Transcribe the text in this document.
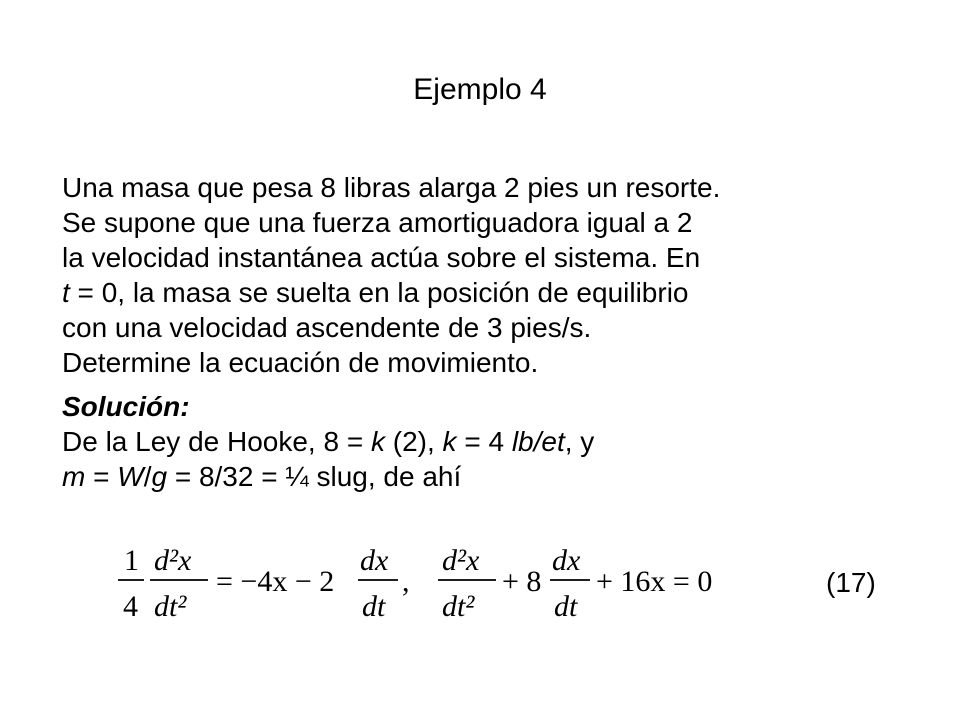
Ejemplo 4
Una masa que pesa 8 libras alarga 2 pies un resorte.
Se supone que una fuerza amortiguadora igual a 2
la velocidad instantánea actúa sobre el sistema. En
t = 0, la masa se suelta en la posición de equilibrio
con una velocidad ascendente de 3 pies/s.
Determine la ecuación de movimiento.
Solución:
De la Ley de Hooke, 8 = k (2), k = 4 lb/et, y
m = W/g = 8/32 = ¼ slug, de ahí
1
4
d²x
dt²
= −4x − 2
dx
dt
,
d²x
dt²
+ 8
dx
dt
+ 16x = 0	(17)
